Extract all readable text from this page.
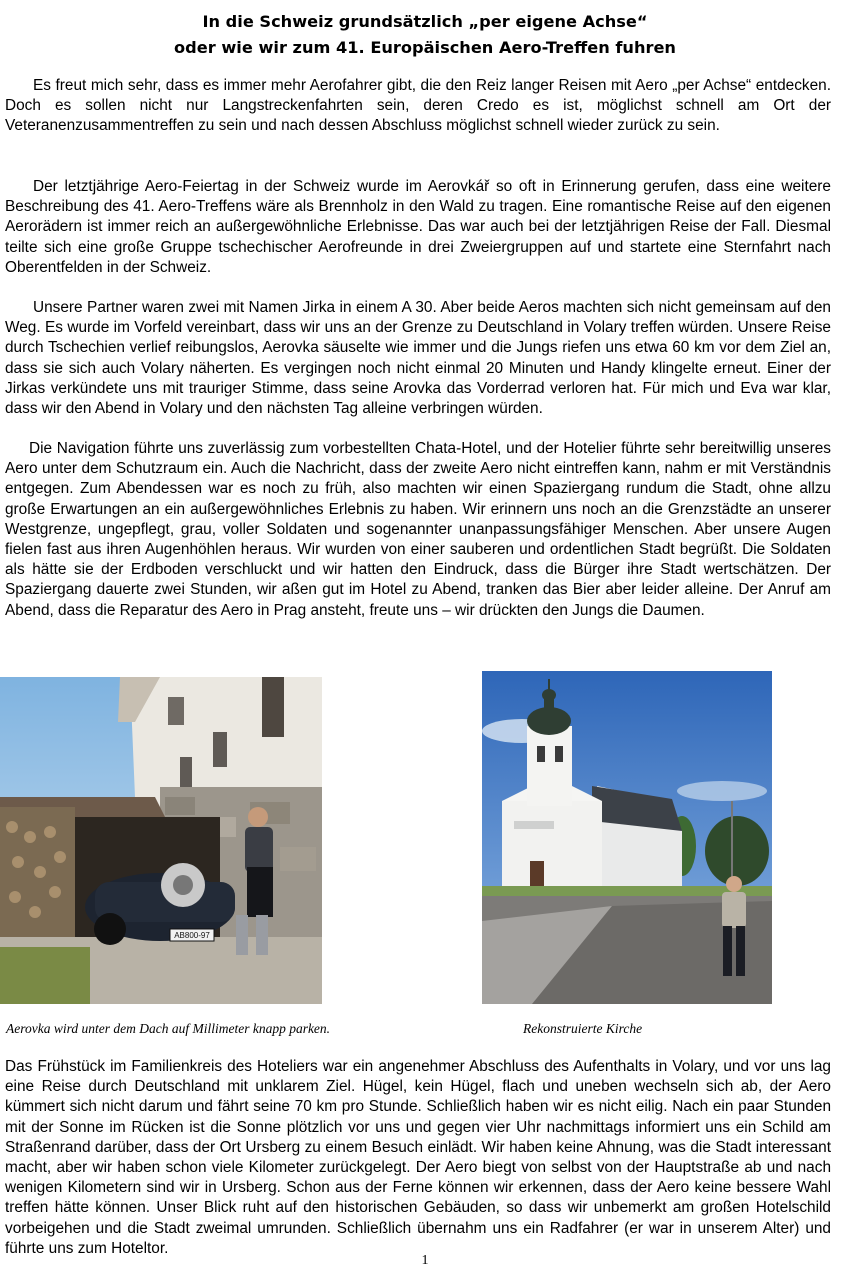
In die Schweiz grundsätzlich „per eigene Achse“
oder wie wir zum 41. Europäischen Aero-Treffen fuhren

Es freut mich sehr, dass es immer mehr Aerofahrer gibt, die den Reiz langer Reisen mit Aero „per Achse“ entdecken. Doch es sollen nicht nur Langstreckenfahrten sein, deren Credo es ist, möglichst schnell am Ort der Veteranenzusammentreffen zu sein und nach dessen Abschluss möglichst schnell wieder zurück zu sein.

Der letztjährige Aero-Feiertag in der Schweiz wurde im Aerovkář so oft in Erinnerung gerufen, dass eine weitere Beschreibung des 41. Aero-Treffens wäre als Brennholz in den Wald zu tragen. Eine romantische Reise auf den eigenen Aerorädern ist immer reich an außergewöhnliche Erlebnisse. Das war auch bei der letztjährigen Reise der Fall. Diesmal teilte sich eine große Gruppe tschechischer Aerofreunde in drei Zweiergruppen auf und startete eine Sternfahrt nach Oberentfelden in der Schweiz.

Unsere Partner waren zwei mit Namen Jirka in einem A 30. Aber beide Aeros machten sich nicht gemeinsam auf den Weg. Es wurde im Vorfeld vereinbart, dass wir uns an der Grenze zu Deutschland in Volary treffen würden. Unsere Reise durch Tschechien verlief reibungslos, Aerovka säuselte wie immer und die Jungs riefen uns etwa 60 km vor dem Ziel an, dass sie sich auch Volary näherten. Es vergingen noch nicht einmal 20 Minuten und Handy klingelte erneut. Einer der Jirkas verkündete uns mit trauriger Stimme, dass seine Arovka das Vorderrad verloren hat. Für mich und Eva war klar, dass wir den Abend in Volary und den nächsten Tag alleine verbringen würden.

Die Navigation führte uns zuverlässig zum vorbestellten Chata-Hotel, und der Hotelier führte sehr bereitwillig unseres Aero unter dem Schutzraum ein. Auch die Nachricht, dass der zweite Aero nicht eintreffen kann, nahm er mit Verständnis entgegen. Zum Abendessen war es noch zu früh, also machten wir einen Spaziergang rundum die Stadt, ohne allzu große Erwartungen an ein außergewöhnliches Erlebnis zu haben. Wir erinnern uns noch an die Grenzstädte an unserer Westgrenze, ungepflegt, grau, voller Soldaten und sogenannter unanpassungsfähiger Menschen. Aber unsere Augen fielen fast aus ihren Augenhöhlen heraus. Wir wurden von einer sauberen und ordentlichen Stadt begrüßt. Die Soldaten als hätte sie der Erdboden verschluckt und wir hatten den Eindruck, dass die Bürger ihre Stadt wertschätzen. Der Spaziergang dauerte zwei Stunden, wir aßen gut im Hotel zu Abend, tranken das Bier aber leider alleine. Der Anruf am Abend, dass die Reparatur des Aero in Prag ansteht, freute uns – wir drückten den Jungs die Daumen.

AB800-97
Aerovka wird unter dem Dach auf Millimeter knapp parken.	Rekonstruierte Kirche

Das Frühstück im Familienkreis des Hoteliers war ein angenehmer Abschluss des Aufenthalts in Volary, und vor uns lag eine Reise durch Deutschland mit unklarem Ziel. Hügel, kein Hügel, flach und uneben wechseln sich ab, der Aero kümmert sich nicht darum und fährt seine 70 km pro Stunde. Schließlich haben wir es nicht eilig. Nach ein paar Stunden mit der Sonne im Rücken ist die Sonne plötzlich vor uns und gegen vier Uhr nachmittags informiert uns ein Schild am Straßenrand darüber, dass der Ort Ursberg zu einem Besuch einlädt. Wir haben keine Ahnung, was die Stadt interessant macht, aber wir haben schon viele Kilometer zurückgelegt. Der Aero biegt von selbst von der Hauptstraße ab und nach wenigen Kilometern sind wir in Ursberg. Schon aus der Ferne können wir erkennen, dass der Aero keine bessere Wahl treffen hätte können. Unser Blick ruht auf den historischen Gebäuden, so dass wir unbemerkt am großen Hotelschild vorbeigehen und die Stadt zweimal umrunden. Schließlich übernahm uns ein Radfahrer (er war in unserem Alter) und führte uns zum Hoteltor.

1
